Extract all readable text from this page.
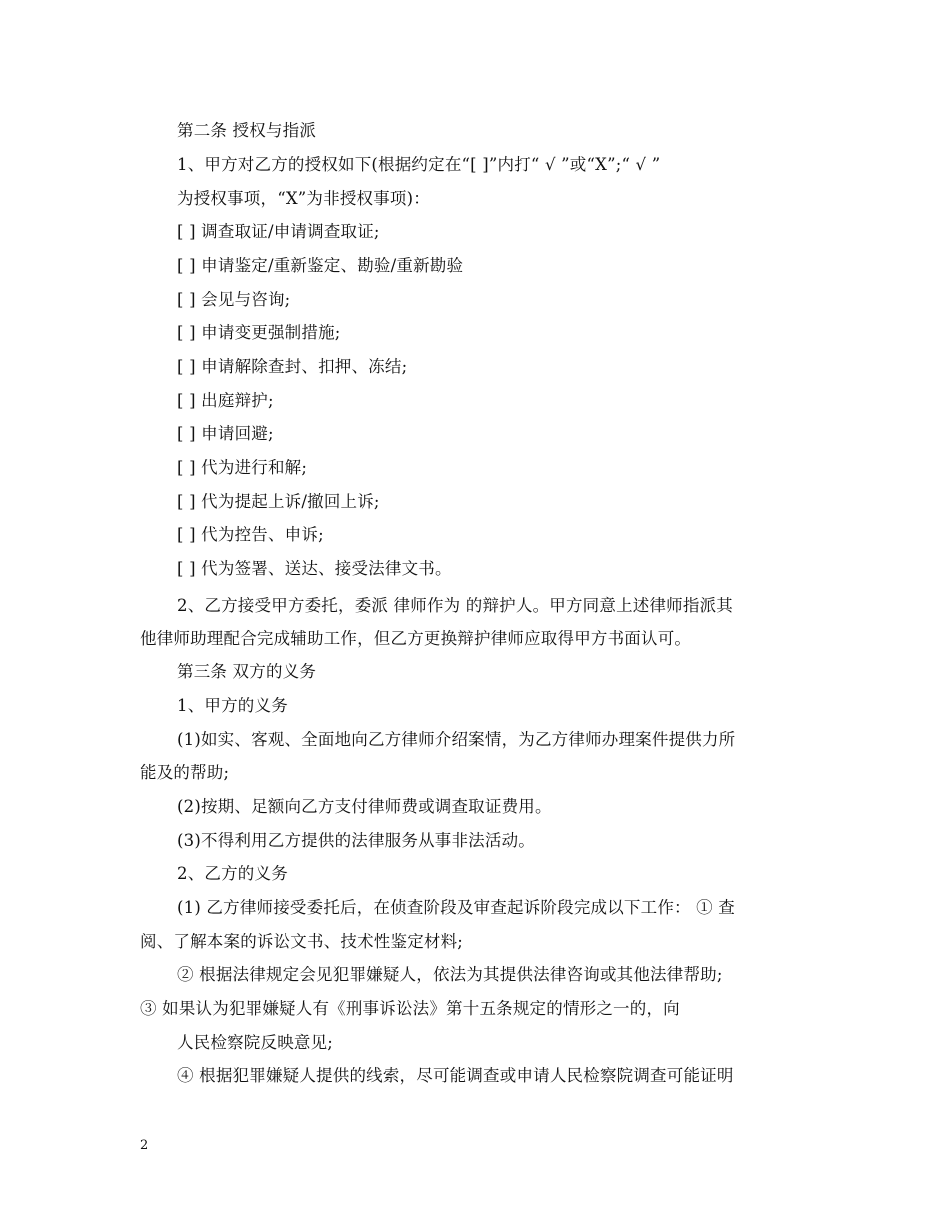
第二条 授权与指派
1、甲方对乙方的授权如下(根据约定在“[ ]”内打“ √ ”或“X”;“ √ ”
为授权事项，“X”为非授权事项)：
[ ] 调查取证/申请调查取证;
[ ] 申请鉴定/重新鉴定、勘验/重新勘验
[ ] 会见与咨询;
[ ] 申请变更强制措施;
[ ] 申请解除查封、扣押、冻结;
[ ] 出庭辩护;
[ ] 申请回避;
[ ] 代为进行和解;
[ ] 代为提起上诉/撤回上诉;
[ ] 代为控告、申诉;
[ ] 代为签署、送达、接受法律文书。
2、乙方接受甲方委托，委派 律师作为 的辩护人。甲方同意上述律师指派其
他律师助理配合完成辅助工作，但乙方更换辩护律师应取得甲方书面认可。
第三条 双方的义务
1、甲方的义务
(1)如实、客观、全面地向乙方律师介绍案情，为乙方律师办理案件提供力所
能及的帮助;
(2)按期、足额向乙方支付律师费或调查取证费用。
(3)不得利用乙方提供的法律服务从事非法活动。
2、乙方的义务
(1) 乙方律师接受委托后，在侦查阶段及审查起诉阶段完成以下工作： ① 查
阅、了解本案的诉讼文书、技术性鉴定材料;
② 根据法律规定会见犯罪嫌疑人，依法为其提供法律咨询或其他法律帮助;
③ 如果认为犯罪嫌疑人有《刑事诉讼法》第十五条规定的情形之一的，向
人民检察院反映意见;
④ 根据犯罪嫌疑人提供的线索，尽可能调查或申请人民检察院调查可能证明
2
